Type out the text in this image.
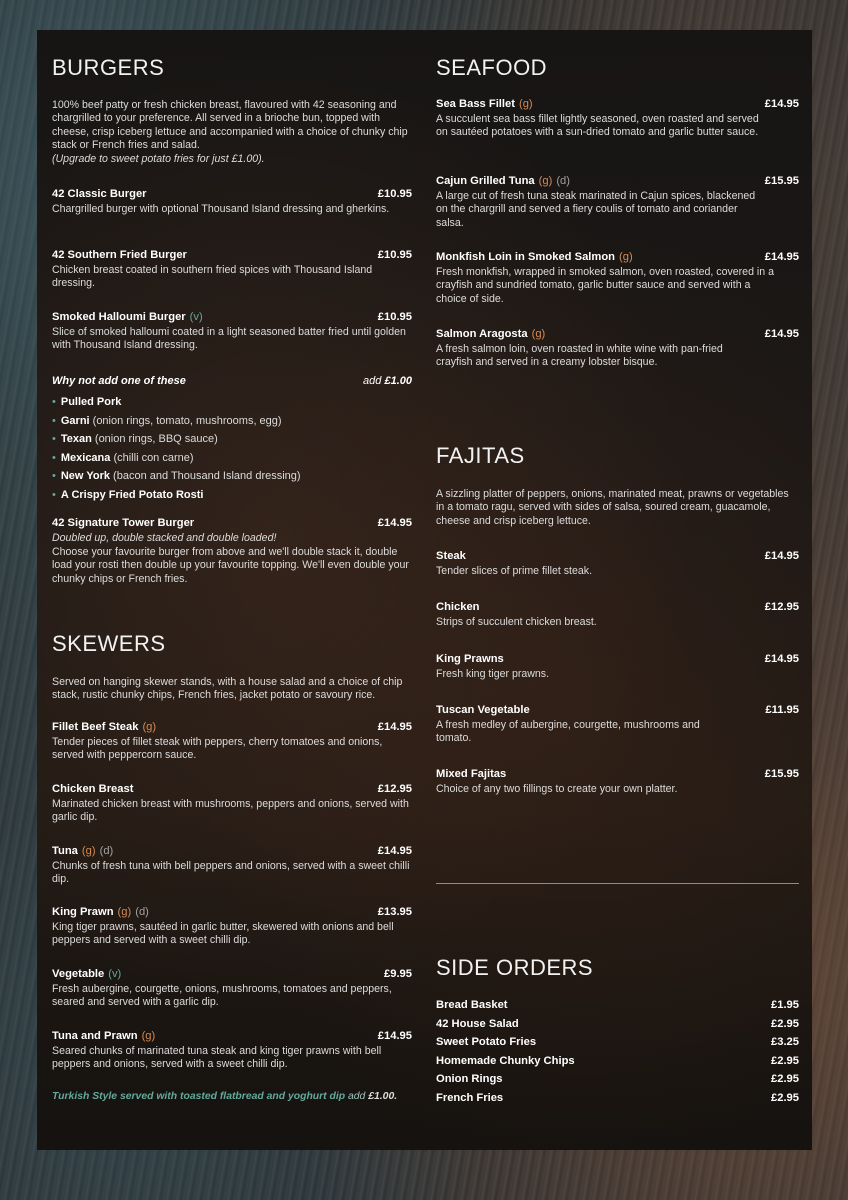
BURGERS

100% beef patty or fresh chicken breast, flavoured with 42 seasoning and chargrilled to your preference. All served in a brioche bun, topped with cheese, crisp iceberg lettuce and accompanied with a choice of chunky chip stack or French fries and salad.
(Upgrade to sweet potato fries for just £1.00).

42 Classic Burger	£10.95
Chargrilled burger with optional Thousand Island dressing and gherkins.
42 Southern Fried Burger	£10.95
Chicken breast coated in southern fried spices with Thousand Island dressing.
Smoked Halloumi Burger (v)	£10.95
Slice of smoked halloumi coated in a light seasoned batter fried until golden with Thousand Island dressing.
Why not add one of these	add £1.00
• Pulled Pork
• Garni (onion rings, tomato, mushrooms, egg)
• Texan (onion rings, BBQ sauce)
• Mexicana (chilli con carne)
• New York (bacon and Thousand Island dressing)
• A Crispy Fried Potato Rosti
42 Signature Tower Burger	£14.95
Doubled up, double stacked and double loaded!
Choose your favourite burger from above and we'll double stack it, double load your rosti then double up your favourite topping. We'll even double your chunky chips or French fries.
SKEWERS

Served on hanging skewer stands, with a house salad and a choice of chip stack, rustic chunky chips, French fries, jacket potato or savoury rice.

Fillet Beef Steak (g)	£14.95
Tender pieces of fillet steak with peppers, cherry tomatoes and onions, served with peppercorn sauce.
Chicken Breast	£12.95
Marinated chicken breast with mushrooms, peppers and onions, served with garlic dip.
Tuna (g) (d)	£14.95
Chunks of fresh tuna with bell peppers and onions, served with a sweet chilli dip.
King Prawn (g) (d)	£13.95
King tiger prawns, sautéed in garlic butter, skewered with onions and bell peppers and served with a sweet chilli dip.
Vegetable (v)	£9.95
Fresh aubergine, courgette, onions, mushrooms, tomatoes and peppers, seared and served with a garlic dip.
Tuna and Prawn (g)	£14.95
Seared chunks of marinated tuna steak and king tiger prawns with bell peppers and onions, served with a sweet chilli dip.
Turkish Style served with toasted flatbread and yoghurt dip add £1.00.
SEAFOOD
Sea Bass Fillet (g)	£14.95
A succulent sea bass fillet lightly seasoned, oven roasted and served on sautéed potatoes with a sun-dried tomato and garlic butter sauce.
Cajun Grilled Tuna (g) (d)	£15.95
A large cut of fresh tuna steak marinated in Cajun spices, blackened on the chargrill and served a fiery coulis of tomato and coriander salsa.
Monkfish Loin in Smoked Salmon (g)	£14.95
Fresh monkfish, wrapped in smoked salmon, oven roasted, covered in a crayfish and sundried tomato, garlic butter sauce and served with a choice of side.
Salmon Aragosta (g)	£14.95
A fresh salmon loin, oven roasted in white wine with pan-fried crayfish and served in a creamy lobster bisque.
FAJITAS

A sizzling platter of peppers, onions, marinated meat, prawns or vegetables in a tomato ragu, served with sides of salsa, soured cream, guacamole, cheese and crisp iceberg lettuce.

Steak	£14.95
Tender slices of prime fillet steak.
Chicken	£12.95
Strips of succulent chicken breast.
King Prawns	£14.95
Fresh king tiger prawns.
Tuscan Vegetable	£11.95
A fresh medley of aubergine, courgette, mushrooms and tomato.
Mixed Fajitas	£15.95
Choice of any two fillings to create your own platter.
SIDE ORDERS
Bread Basket	£1.95
42 House Salad	£2.95
Sweet Potato Fries	£3.25
Homemade Chunky Chips	£2.95
Onion Rings	£2.95
French Fries	£2.95
